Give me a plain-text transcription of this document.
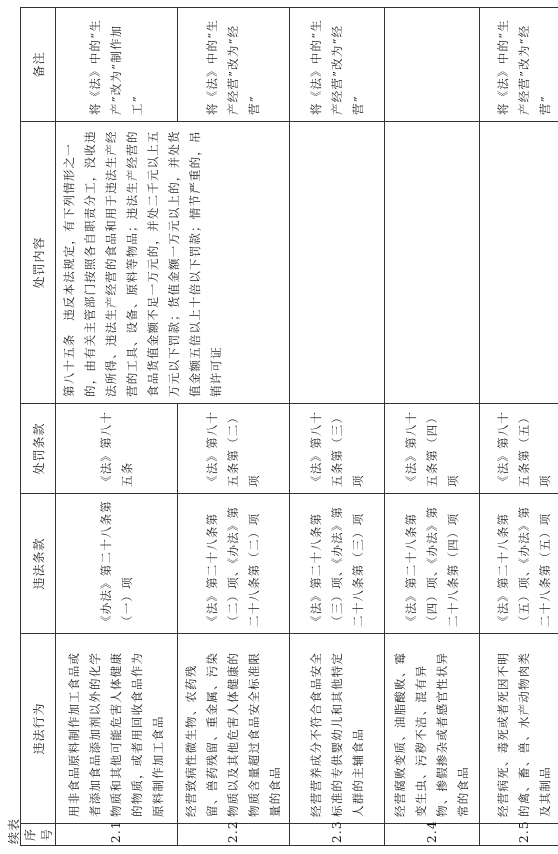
续表 序号	违法行为	违法条款	处罚条款	处罚内容	备注
2.1	用非食品原料制作加工食品或者添加食品添加剂以外的化学物质和其他可能危害人体健康的物质，或者用回收食品作为原料制作加工食品	《办法》第二十八条第（一）项	《法》第八十五条	第八十五条　违反本法规定，有下列情形之一的，由有关主管部门按照各自职责分工，没收违法所得、违法生产经营的食品和用于违法生产经营的工具、设备、原料等物品；违法生产经营的食品货值金额不足一万元的，并处二千元以上五万元以下罚款；货值金额一万元以上的，并处货值金额五倍以上十倍以下罚款；情节严重的，吊销许可证	将《法》中的“生产”改为“制作加工”
2.2	经营致病性微生物、农药残留、兽药残留、重金属、污染物质以及其他危害人体健康的物质含量超过食品安全标准限量的食品	《法》第二十八条第（二）项、《办法》第二十八条第（二）项	《法》第八十五条第（二）项		将《法》中的“生产经营”改为“经营”
2.3	经营营养成分不符合食品安全标准的专供婴幼儿和其他特定人群的主辅食品	《法》第二十八条第（三）项、《办法》第二十八条第（三）项	《法》第八十五条第（三）项		将《法》中的“生产经营”改为“经营”
2.4	经营腐败变质、油脂酸败、霉变生虫、污秽不洁、混有异物、掺假掺杂或者感官性状异常的食品	《法》第二十八条第（四）项、《办法》第二十八条第（四）项	《法》第八十五条第（四）项		
2.5	经营病死、毒死或者死因不明的禽、畜、兽、水产动物肉类及其制品	《法》第二十八条第（五）项、《办法》第二十八条第（五）项	《法》第八十五条第（五）项		将《法》中的“生产经营”改为“经营”
